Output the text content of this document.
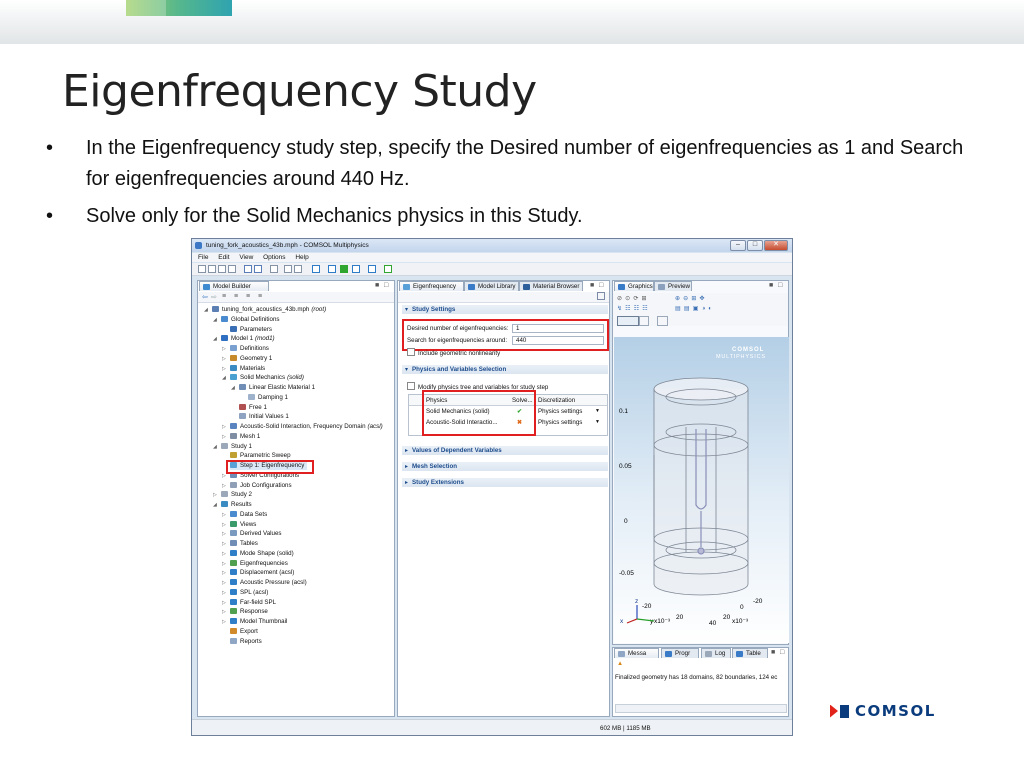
Eigenfrequency Study
• In the Eigenfrequency study step, specify the Desired number of eigenfrequencies as 1 and Search for eigenfrequencies around 440 Hz.
• Solve only for the Solid Mechanics physics in this Study.
tuning_fork_acoustics_43b.mph - COMSOL Multiphysics	–	□	✕
File Edit View Options Help
Model Builder	■ □
⇦ ⇨ ≡ ≡ ≡ ≡
◢ tuning_fork_acoustics_43b.mph (root)
◢ Global Definitions
Parameters
◢ Model 1 (mod1)
▷ Definitions
▷ Geometry 1
▷ Materials
◢ Solid Mechanics (solid)
◢ Linear Elastic Material 1
Damping 1
Free 1
Initial Values 1
▷ Acoustic-Solid Interaction, Frequency Domain (acsl)
▷ Mesh 1
◢ Study 1
Parametric Sweep
Step 1: Eigenfrequency
▷ Solver Configurations
▷ Job Configurations
▷ Study 2
◢ Results
▷ Data Sets
▷ Views
▷ Derived Values
▷ Tables
▷ Mode Shape (solid)
▷ Eigenfrequencies
▷ Displacement (acsl)
▷ Acoustic Pressure (acsl)
▷ SPL (acsl)
▷ Far-field SPL
▷ Response
▷ Model Thumbnail
Export
Reports
Eigenfrequency	Model Library	Material Browser	■ □
▾ Study Settings
Desired number of eigenfrequencies:	1
Search for eigenfrequencies around:	440
Include geometric nonlinearity
▾ Physics and Variables Selection
Modify physics tree and variables for study step
Physics	Solve... Discretization
Solid Mechanics (solid)	✔	Physics settings	▼
Acoustic-Solid Interactio...	✖	Physics settings	▼
▸ Values of Dependent Variables
▸ Mesh Selection
▸ Study Extensions
Graphics	Preview	■ □
⊘⊙⟳⊞	⊕⊖⊞✥
↯☷☷☷	▤▤▣◑◐
Messa	Progr	Log	Table	■ □
▲
Finalized geometry has 18 domains, 82 boundaries, 124 ec
602 MB | 1185 MB
COMSOL
MULTIPHYSICS
0.1
0.05
0
-0.05
-20
y x10⁻³
20
40
0
20
x10⁻³
-20
z
x
COMSOL
